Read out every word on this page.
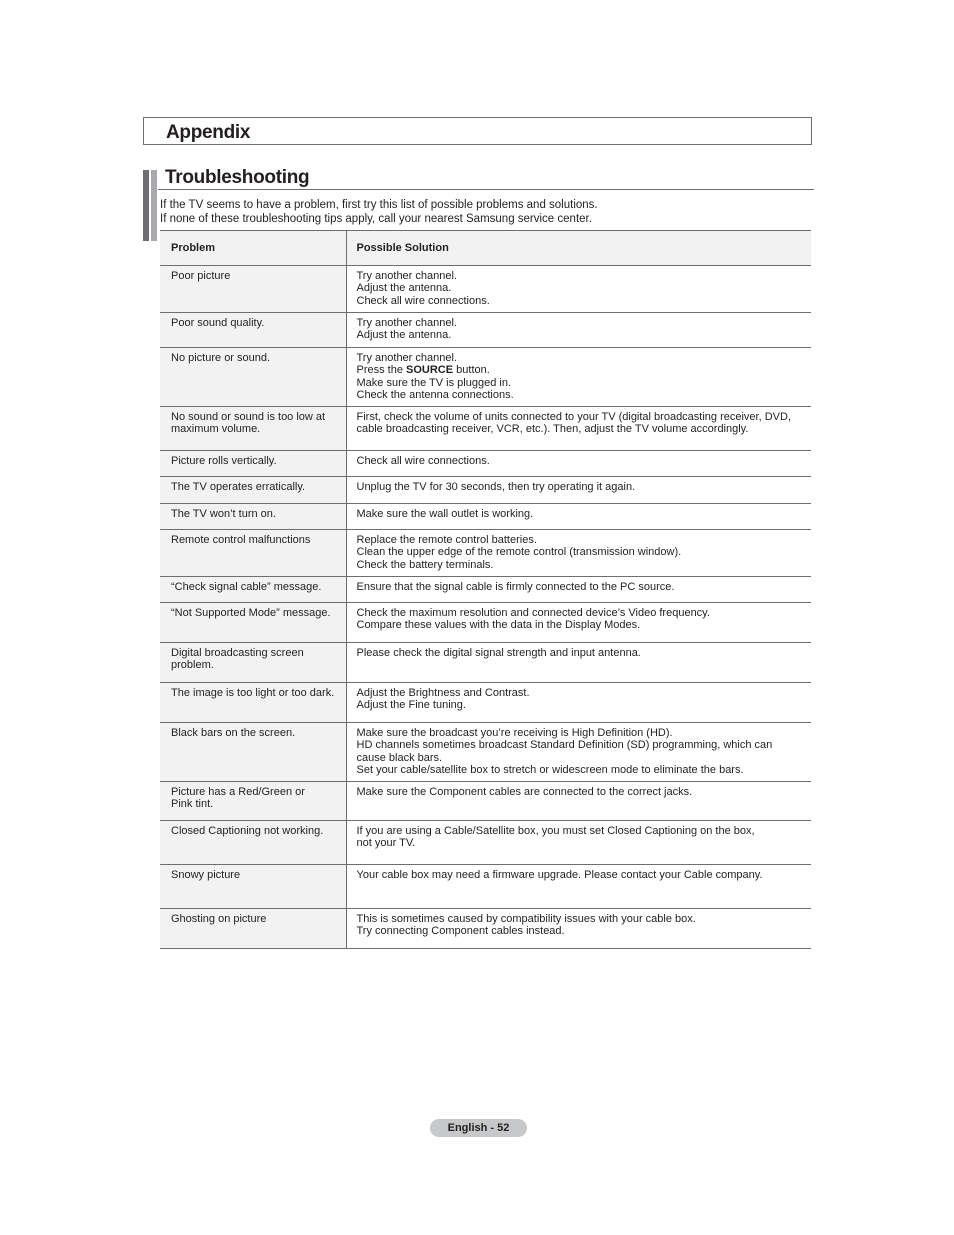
Appendix
Troubleshooting

If the TV seems to have a problem, first try this list of possible problems and solutions.

If none of these troubleshooting tips apply, call your nearest Samsung service center.

Problem	Possible Solution

Poor picture	Try another channel.
Adjust the antenna.
Check all wire connections.

Poor sound quality.	Try another channel.
Adjust the antenna.

No picture or sound.	Try another channel.
Press the SOURCE button.
Make sure the TV is plugged in.
Check the antenna connections.

No sound or sound is too low at
maximum volume.	First, check the volume of units connected to your TV (digital broadcasting receiver, DVD,
cable broadcasting receiver, VCR, etc.). Then, adjust the TV volume accordingly.

Picture rolls vertically.	Check all wire connections.

The TV operates erratically.	Unplug the TV for 30 seconds, then try operating it again.

The TV won’t turn on.	Make sure the wall outlet is working.

Remote control malfunctions	Replace the remote control batteries.
Clean the upper edge of the remote control (transmission window).
Check the battery terminals.

“Check signal cable” message.	Ensure that the signal cable is firmly connected to the PC source.

“Not Supported Mode” message.	Check the maximum resolution and connected device’s Video frequency.
Compare these values with the data in the Display Modes.

Digital broadcasting screen
problem.	Please check the digital signal strength and input antenna.

The image is too light or too dark.	Adjust the Brightness and Contrast.
Adjust the Fine tuning.

Black bars on the screen.	Make sure the broadcast you’re receiving is High Definition (HD).
HD channels sometimes broadcast Standard Definition (SD) programming, which can
cause black bars.
Set your cable/satellite box to stretch or widescreen mode to eliminate the bars.

Picture has a Red/Green or
Pink tint.	Make sure the Component cables are connected to the correct jacks.

Closed Captioning not working.	If you are using a Cable/Satellite box, you must set Closed Captioning on the box,
not your TV.

Snowy picture	Your cable box may need a firmware upgrade. Please contact your Cable company.

Ghosting on picture	This is sometimes caused by compatibility issues with your cable box.
Try connecting Component cables instead.
English - 52
